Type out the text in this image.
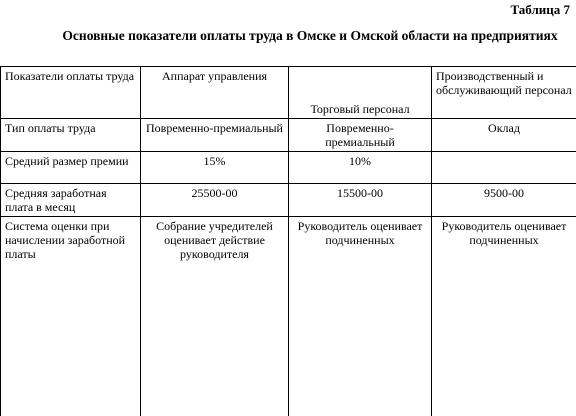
Таблица 7
Основные показатели оплаты труда в Омске и Омской области на предприятиях
Показатели оплаты труда	Аппарат управления	Торговый персонал	Производственный и обслуживающий персонал
Тип оплаты труда	Повременно-премиальный	Повременно-премиальный	Оклад
Средний размер премии	15%	10%	
Средняя заработная плата в месяц	25500-00	15500-00	9500-00
Система оценки при начислении заработной платы	Собрание учредителей оценивает действие руководителя	Руководитель оценивает подчиненных	Руководитель оценивает подчиненных
